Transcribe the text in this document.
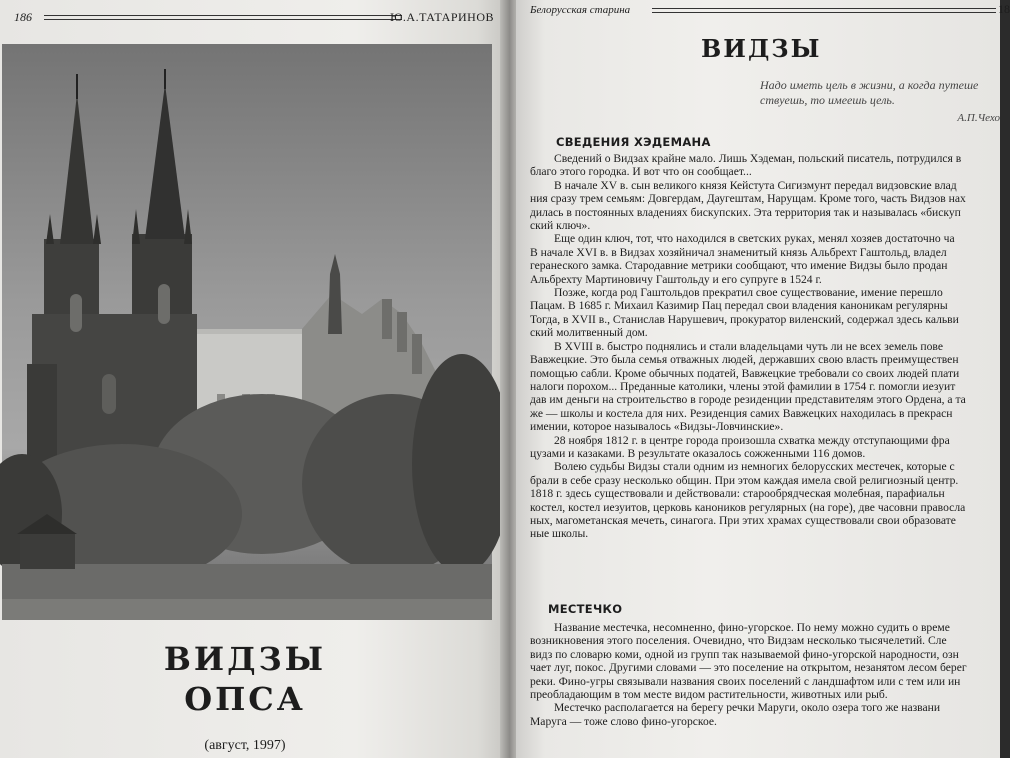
186	Ю.А.ТАТАРИНОВ
ВИДЗЫ
ОПСА
(август, 1997)
Белорусская старина	18
ВИДЗЫ
Надо иметь цель в жизни, а когда путеше
ствуешь, то имеешь цель.
А.П.Чехо
СВЕДЕНИЯ ХЭДЕМАНА

Сведений о Видзах крайне мало. Лишь Хэдеман, польский писатель, потрудился в

благо этого городка. И вот что он сообщает...

В начале XV в. сын великого князя Кейстута Сигизмунт передал видзовские влад

ния сразу трем семьям: Довгердам, Даугештам, Нарущам. Кроме того, часть Видзов нах

дилась в постоянных владениях бискупских. Эта территория так и называлась «бискуп

ский ключ».

Еще один ключ, тот, что находился в светских руках, менял хозяев достаточно ча

В начале XVI в. в Видзах хозяйничал знаменитый князь Альбрехт Гаштольд, владел

геранеского замка. Стародавние метрики сообщают, что имение Видзы было продан

Альбрехту Мартиновичу Гаштольду и его супруге в 1524 г.

Позже, когда род Гаштольдов прекратил свое существование, имение перешло

Пацам. В 1685 г. Михаил Казимир Пац передал свои владения каноникам регулярны

Тогда, в XVII в., Станислав Нарушевич, прокуратор виленский, содержал здесь кальви

ский молитвенный дом.

В XVIII в. быстро поднялись и стали владельцами чуть ли не всех земель пове

Вавжецкие. Это была семья отважных людей, державших свою власть преимуществен

помощью сабли. Кроме обычных податей, Вавжецкие требовали со своих людей плати

налоги порохом... Преданные католики, члены этой фамилии в 1754 г. помогли иезуит

дав им деньги на строительство в городе резиденции представителям этого Ордена, а та

же — школы и костела для них. Резиденция самих Вавжецких находилась в прекрасн

имении, которое называлось «Видзы-Ловчинские».

28 ноября 1812 г. в центре города произошла схватка между отступающими фра

цузами и казаками. В результате оказалось сожженными 116 домов.

Волею судьбы Видзы стали одним из немногих белорусских местечек, которые с

брали в себе сразу несколько общин. При этом каждая имела свой религиозный центр.

1818 г. здесь существовали и действовали: старообрядческая молебная, парафиальн

костел, костел иезуитов, церковь каноников регулярных (на горе), две часовни правосла

ных, магометанская мечеть, синагога. При этих храмах существовали свои образовате

ные школы.

МЕСТЕЧКО

Название местечка, несомненно, фино-угорское. По нему можно судить о време

возникновения этого поселения. Очевидно, что Видзам несколько тысячелетий. Сле

видз по словарю коми, одной из групп так называемой фино-угорской народности, озн

чает луг, покос. Другими словами — это поселение на открытом, незанятом лесом берег

реки. Фино-угры связывали названия своих поселений с ландшафтом или с тем или ин

преобладающим в том месте видом растительности, животных или рыб.

Местечко располагается на берегу речки Маруги, около озера того же названи

Маруга — тоже слово фино-угорское.
